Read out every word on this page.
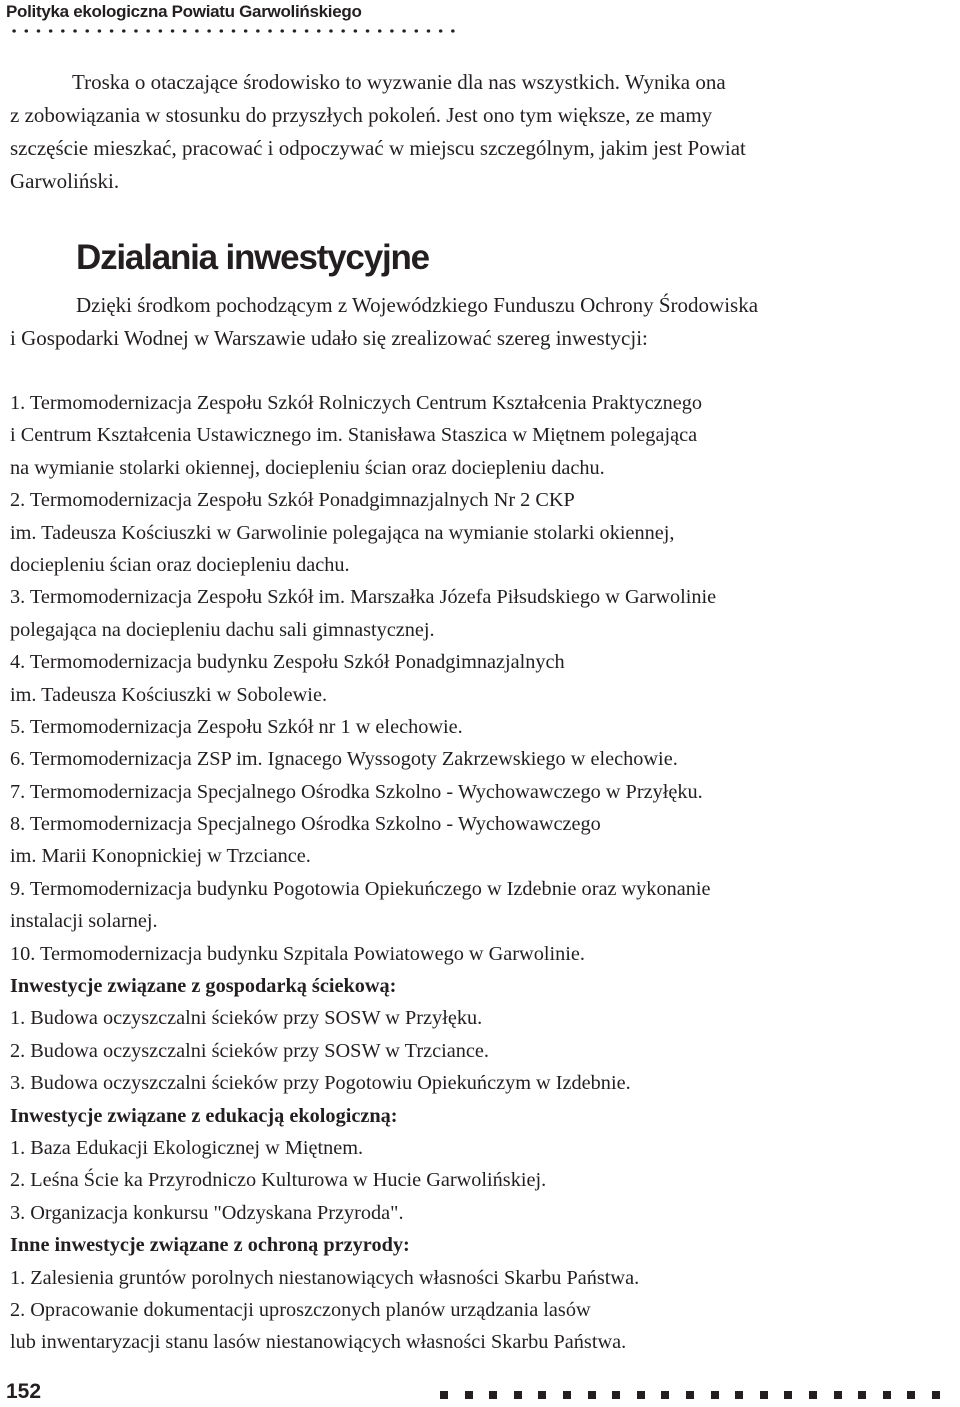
Polityka ekologiczna Powiatu Garwolińskiego
Troska o otaczające środowisko to wyzwanie dla nas wszystkich. Wynika ona
z zobowiązania w stosunku do przyszłych pokoleń. Jest ono tym większe, ze mamy
szczęście mieszkać, pracować i odpoczywać w miejscu szczególnym, jakim jest Powiat
Garwoliński.
Dzialania inwestycyjne
Dzięki środkom pochodzącym z Wojewódzkiego Funduszu Ochrony Środowiska
i Gospodarki Wodnej w Warszawie udało się zrealizować szereg inwestycji:
1. Termomodernizacja Zespołu Szkół Rolniczych Centrum Kształcenia Praktycznego
i Centrum Kształcenia Ustawicznego im. Stanisława Staszica w Miętnem polegająca
na wymianie stolarki okiennej, dociepleniu ścian oraz dociepleniu dachu.
2. Termomodernizacja Zespołu Szkół Ponadgimnazjalnych Nr 2 CKP
im. Tadeusza Kościuszki w Garwolinie polegająca na wymianie stolarki okiennej,
dociepleniu ścian oraz dociepleniu dachu.
3. Termomodernizacja Zespołu Szkół im. Marszałka Józefa Piłsudskiego w Garwolinie
polegająca na dociepleniu dachu sali gimnastycznej.
4. Termomodernizacja budynku Zespołu Szkół Ponadgimnazjalnych
im. Tadeusza Kościuszki w Sobolewie.
5. Termomodernizacja Zespołu Szkół nr 1 w elechowie.
6. Termomodernizacja ZSP im. Ignacego Wyssogoty Zakrzewskiego w elechowie.
7. Termomodernizacja Specjalnego Ośrodka Szkolno - Wychowawczego w Przyłęku.
8. Termomodernizacja Specjalnego Ośrodka Szkolno - Wychowawczego
im. Marii Konopnickiej w Trzciance.
9. Termomodernizacja budynku Pogotowia Opiekuńczego w Izdebnie oraz wykonanie
instalacji solarnej.
10. Termomodernizacja budynku Szpitala Powiatowego w Garwolinie.
Inwestycje związane z gospodarką ściekową:
1. Budowa oczyszczalni ścieków przy SOSW w Przyłęku.
2. Budowa oczyszczalni ścieków przy SOSW w Trzciance.
3. Budowa oczyszczalni ścieków przy Pogotowiu Opiekuńczym w Izdebnie.
Inwestycje związane z edukacją ekologiczną:
1. Baza Edukacji Ekologicznej w Miętnem.
2. Leśna Ście ka Przyrodniczo Kulturowa w Hucie Garwolińskiej.
3. Organizacja konkursu "Odzyskana Przyroda".
Inne inwestycje związane z ochroną przyrody:
1. Zalesienia gruntów porolnych niestanowiących własności Skarbu Państwa.
2. Opracowanie dokumentacji uproszczonych planów urządzania lasów
lub inwentaryzacji stanu lasów niestanowiących własności Skarbu Państwa.
152
